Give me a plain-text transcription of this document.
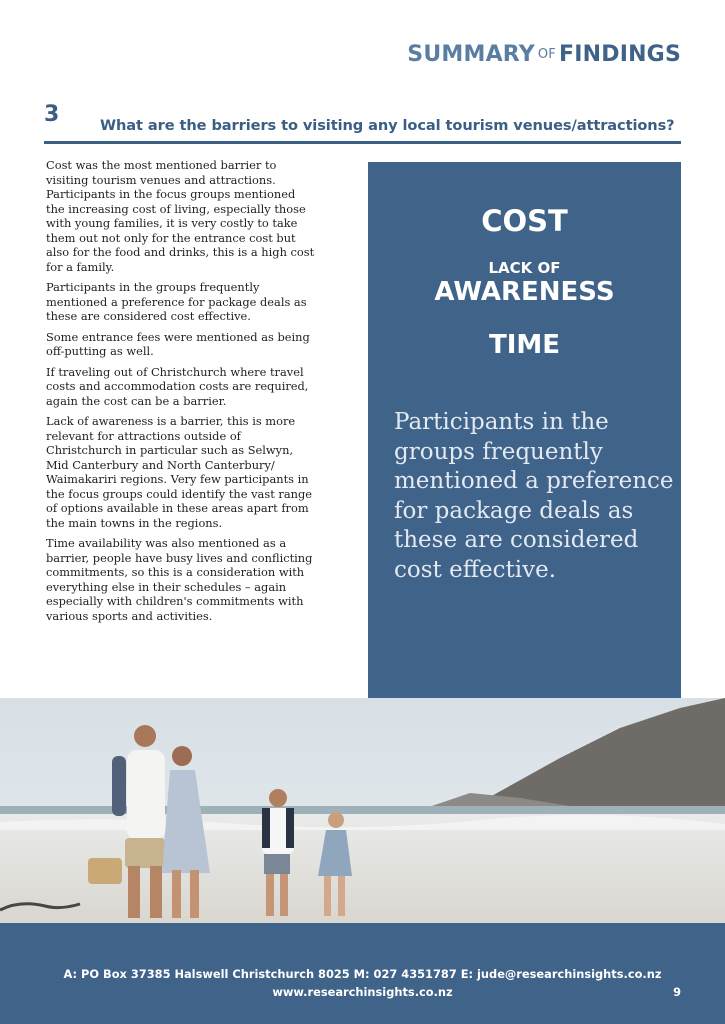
SUMMARY OF FINDINGS
3	What are the barriers to visiting any local tourism venues/attractions?

Cost was the most mentioned barrier to visiting tourism venues and attractions. Participants in the focus groups mentioned the increasing cost of living, especially those with young families, it is very costly to take them out not only for the entrance cost but also for the food and drinks, this is a high cost for a family.

Participants in the groups frequently mentioned a preference for package deals as these are considered cost effective.

Some entrance fees were mentioned as being off-putting as well.

If traveling out of Christchurch where travel costs and accommodation costs are required, again the cost can be a barrier.

Lack of awareness is a barrier, this is more relevant for attractions outside of Christchurch in particular such as Selwyn, Mid Canterbury and North Canterbury/ Waimakariri regions. Very few participants in the focus groups could identify the vast range of options available in these areas apart from the main towns in the regions.

Time availability was also mentioned as a barrier, people have busy lives and conflicting commitments, so this is a consideration with everything else in their schedules – again especially with children's commitments with various sports and activities.

COST
LACK OF
AWARENESS
TIME
Participants in the groups frequently mentioned a preference for package deals as these are considered cost effective.
A: PO Box 37385 Halswell Christchurch 8025 M: 027 4351787 E: jude@researchinsights.co.nz
www.researchinsights.co.nz	9
